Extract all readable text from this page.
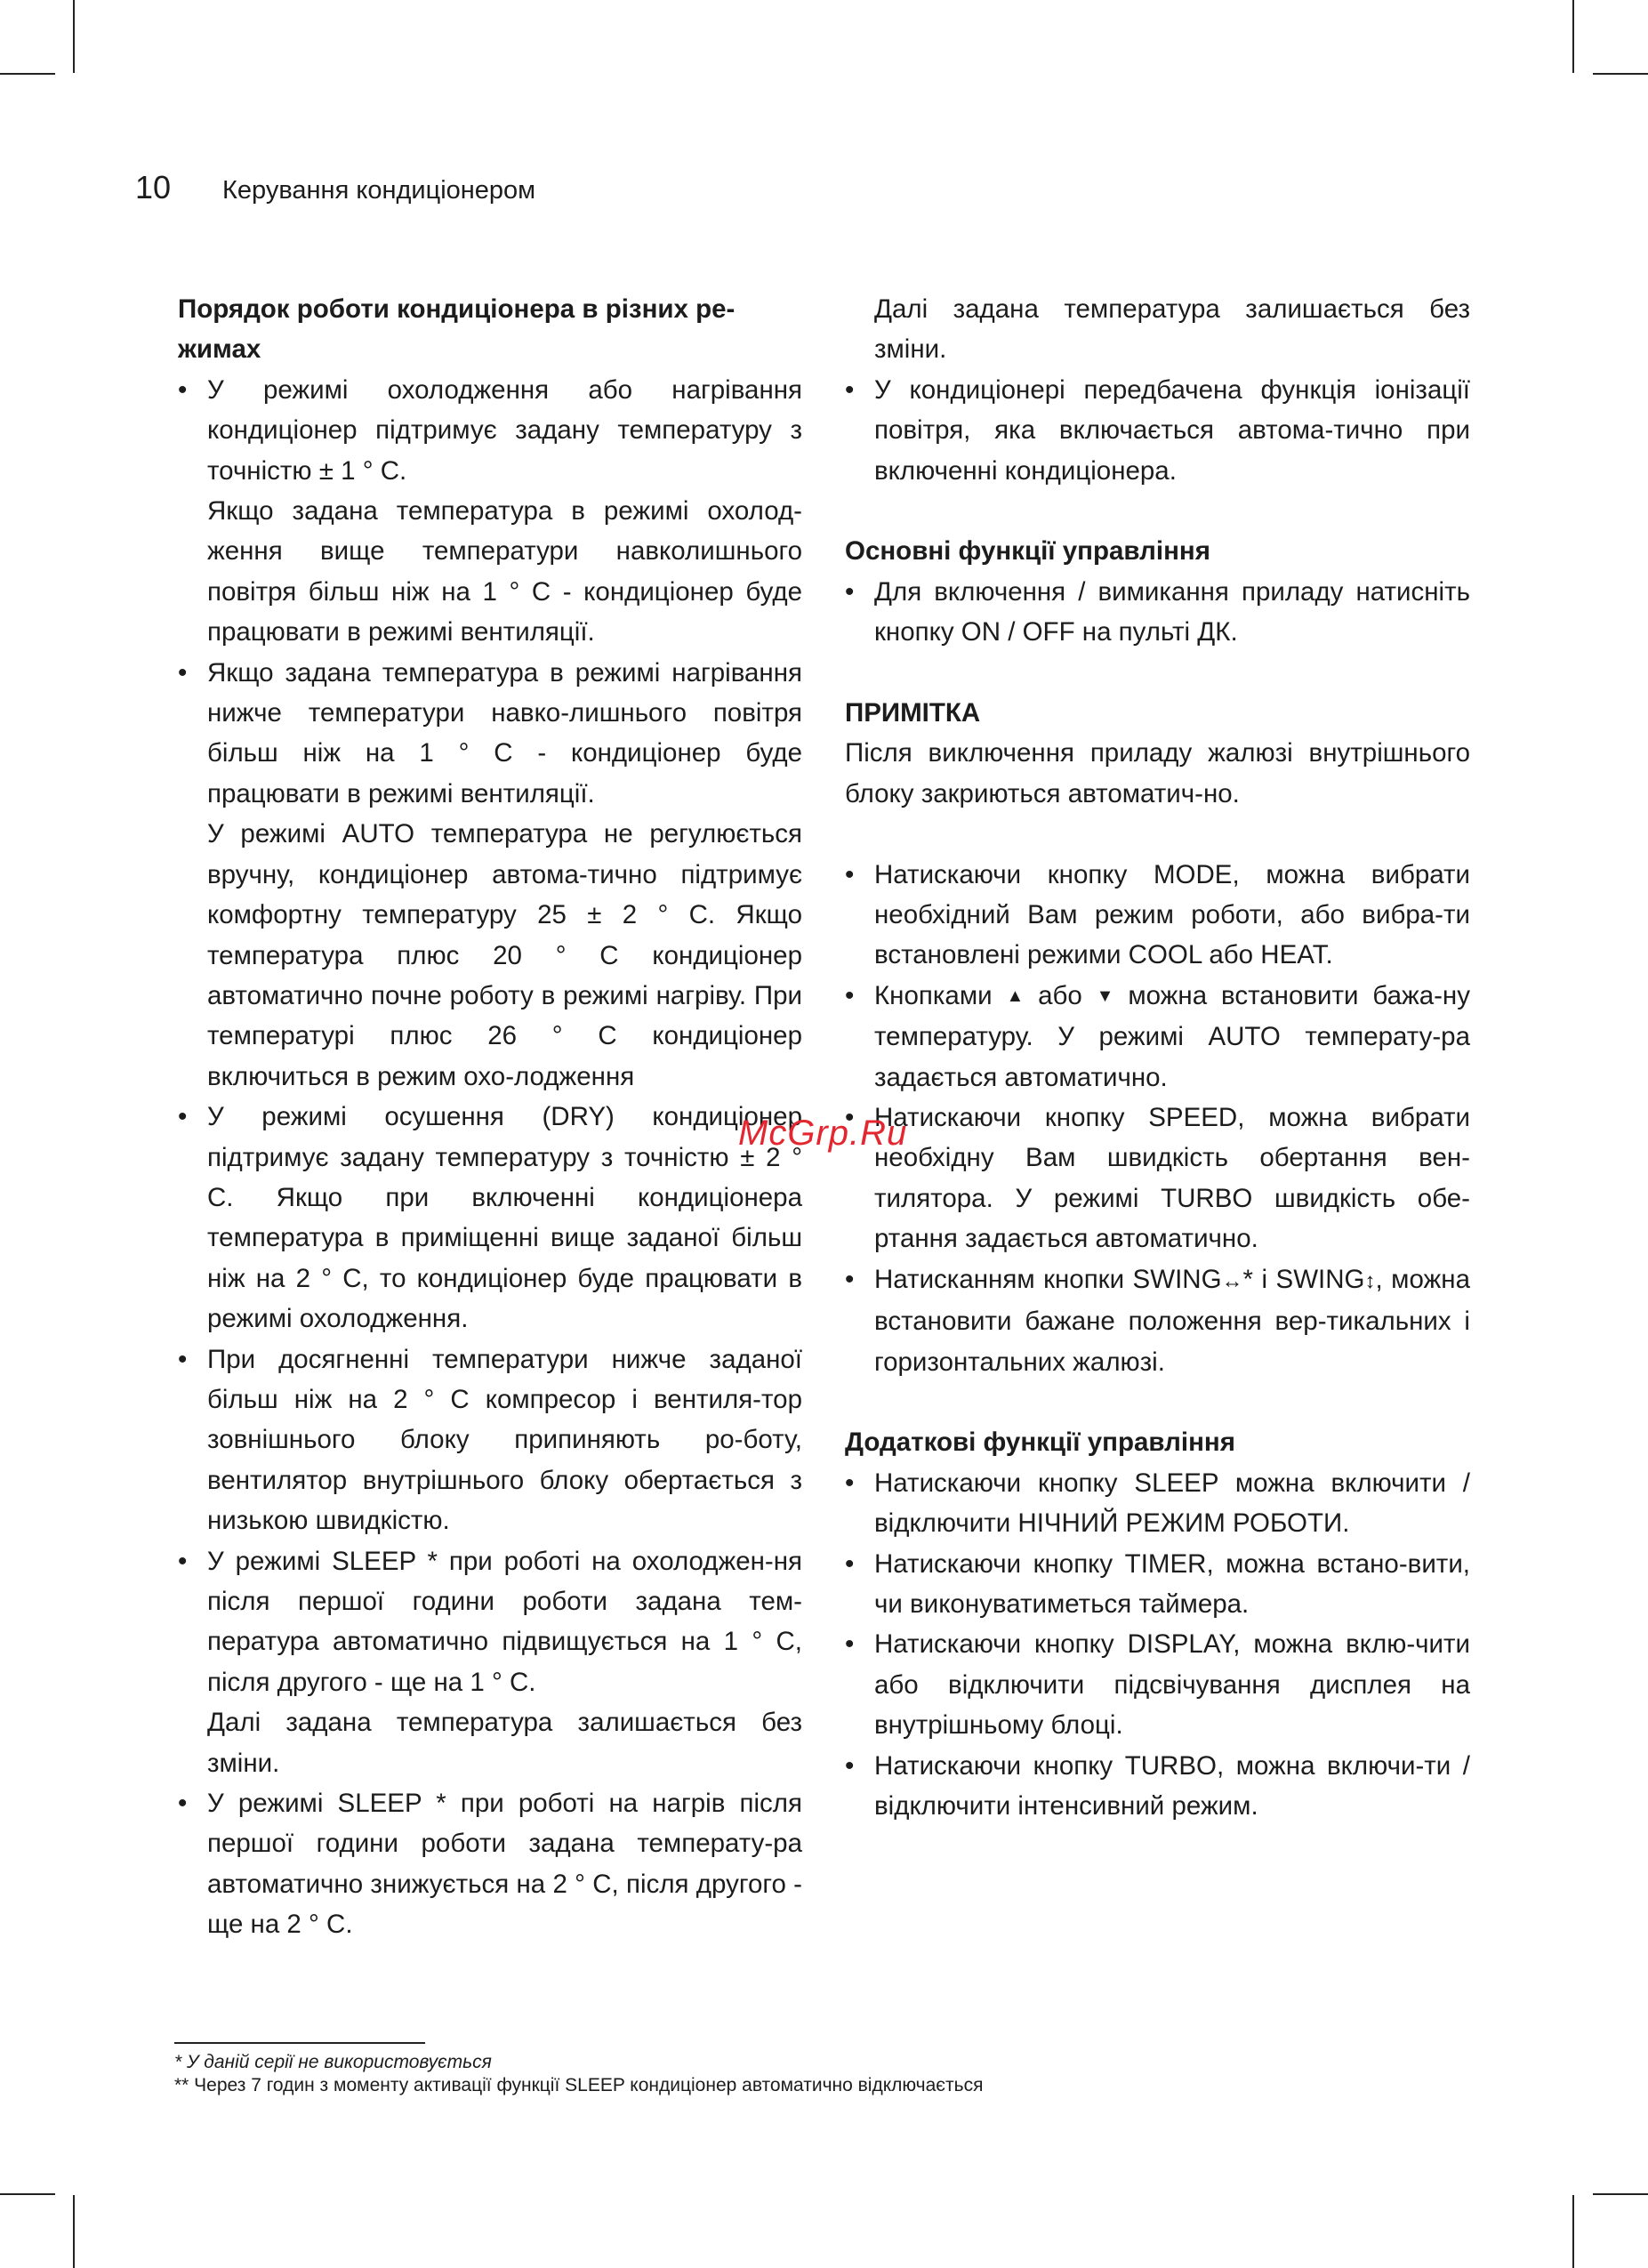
10	Керування кондиціонером

Порядок роботи кондиціонера в різних ре-жимах

• У режимі охолодження або нагрівання кондиціонер підтримує задану температуру з точністю ± 1 ° С.
Якщо задана температура в режимі охолод-ження вище температури навколишнього повітря більш ніж на 1 ° С - кондиціонер буде працювати в режимі вентиляції.
• Якщо задана температура в режимі нагрівання нижче температури навко-лишнього повітря більш ніж на 1 ° С - кондиціонер буде працювати в режимі вентиляції.
У режимі AUTO температура не регулюється вручну, кондиціонер автома-тично підтримує комфортну температуру 25 ± 2 ° С. Якщо температура плюс 20 ° С кондиціонер автоматично почне роботу в режимі нагріву. При температурі плюс 26 ° С кондиціонер включиться в режим охо-лодження
• У режимі осушення (DRY) кондиціонер підтримує задану температуру з точністю ± 2 ° С. Якщо при включенні кондиціонера температура в приміщенні вище заданої більш ніж на 2 ° С, то кондиціонер буде працювати в режимі охолодження.
• При досягненні температури нижче заданої більш ніж на 2 ° С компресор і вентиля-тор зовнішнього блоку припиняють ро-боту, вентилятор внутрішнього блоку обертається з низькою швидкістю.
• У режимі SLEEP * при роботі на охолоджен-ня після першої години роботи задана тем-пература автоматично підвищується на 1 ° С, після другого - ще на 1 ° С.
Далі задана температура залишається без зміни.
• У режимі SLEEP * при роботі на нагрів після першої години роботи задана температу-ра автоматично знижується на 2 ° С, після другого - ще на 2 ° С.
Далі задана температура залишається без зміни.
• У кондиціонері передбачена функція іонізації повітря, яка включається автома-тично при включенні кондиціонера.

Основні функції управління

• Для включення / вимикання приладу натисніть кнопку ON / OFF на пульті ДК.

ПРИМІТКА

Після виключення приладу жалюзі внутрішнього блоку закриються автоматич-но.
• Натискаючи кнопку MODE, можна вибрати необхідний Вам режим роботи, або вибра-ти встановлені режими COOL або HEAT.
• Кнопками ▲ або ▼ можна встановити бажа-ну температуру. У режимі AUTO температу-ра задається автоматично.
• Натискаючи кнопку SPEED, можна вибрати необхідну Вам швидкість обертання вен-тилятора. У режимі TURBO швидкість обе-ртання задається автоматично.
• Натисканням кнопки SWING↔* і SWING↕, можна встановити бажане положення вер-тикальних і горизонтальних жалюзі.

Додаткові функції управління

• Натискаючи кнопку SLEEP можна включити / відключити НІЧНИЙ РЕЖИМ РОБОТИ.
• Натискаючи кнопку TIMER, можна встано-вити, чи виконуватиметься таймера.
• Натискаючи кнопку DISPLAY, можна вклю-чити або відключити підсвічування дисплея на внутрішньому блоці.
• Натискаючи кнопку TURBO, можна включи-ти / відключити інтенсивний режим.
McGrp.Ru
* У даній серії не використовується
** Через 7 годин з моменту активації функції SLEEP кондиціонер автоматично відключається
